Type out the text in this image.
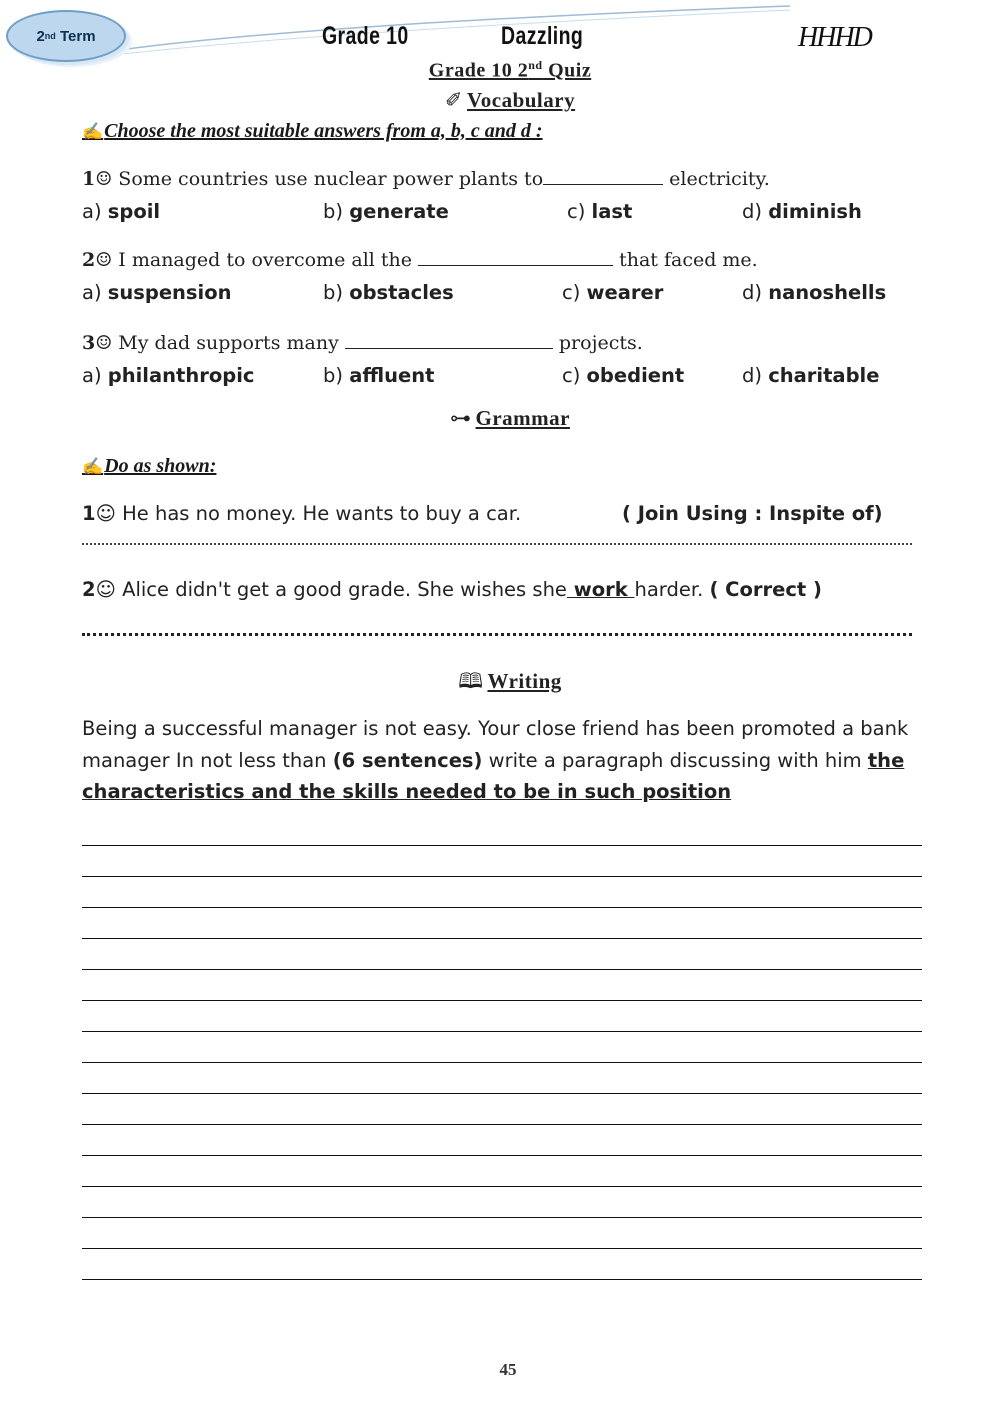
2 nd
Term	Grade 10	Dazzling	HHHD
Grade 10 2nd Quiz
✐ Vocabulary
✍Choose the most suitable answers from a, b, c and d :
1☺ Some countries use nuclear power plants to	electricity.
a) spoil	b) generate	c) last	d) diminish
2☺ I managed to overcome all the	that faced me.
a) suspension	b) obstacles	c) wearer	d) nanoshells
3☺ My dad supports many	projects.
a) philanthropic	b) affluent	c) obedient	d) charitable
⊶ Grammar
✍Do as shown:
1☺ He has no money. He wants to buy a car.	( Join Using : Inspite of)
2☺ Alice didn't get a good grade. She wishes she work harder. ( Correct )
🕮 Writing
Being a successful manager is not easy. Your close friend has been promoted a bank manager In not less than (6 sentences) write a paragraph discussing with him the characteristics and the skills needed to be in such position
45
